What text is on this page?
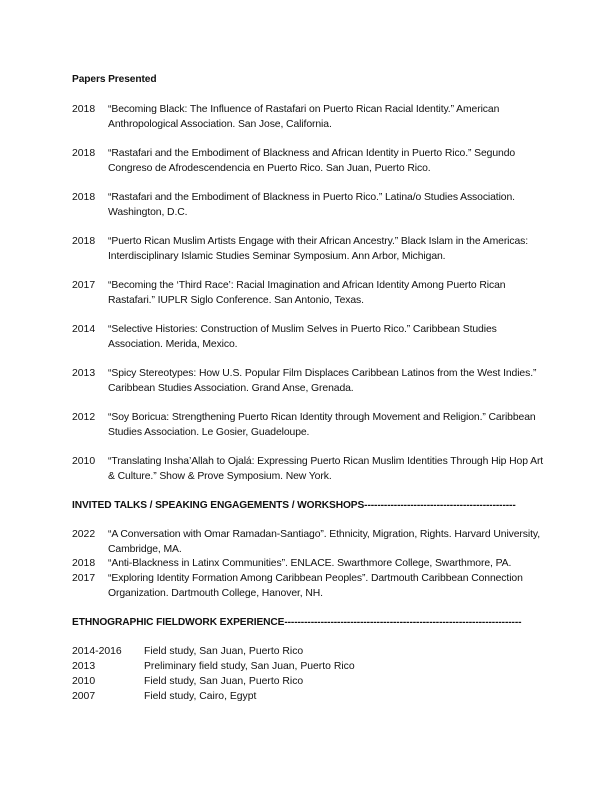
Papers Presented
2018 “Becoming Black: The Influence of Rastafari on Puerto Rican Racial Identity.” American Anthropological Association. San Jose, California.
2018 “Rastafari and the Embodiment of Blackness and African Identity in Puerto Rico.” Segundo Congreso de Afrodescendencia en Puerto Rico. San Juan, Puerto Rico.
2018 “Rastafari and the Embodiment of Blackness in Puerto Rico.” Latina/o Studies Association. Washington, D.C.
2018 “Puerto Rican Muslim Artists Engage with their African Ancestry.” Black Islam in the Americas: Interdisciplinary Islamic Studies Seminar Symposium. Ann Arbor, Michigan.
2017 “Becoming the ‘Third Race’: Racial Imagination and African Identity Among Puerto Rican Rastafari.” IUPLR Siglo Conference. San Antonio, Texas.
2014 “Selective Histories: Construction of Muslim Selves in Puerto Rico.” Caribbean Studies Association. Merida, Mexico.
2013 “Spicy Stereotypes: How U.S. Popular Film Displaces Caribbean Latinos from the West Indies.” Caribbean Studies Association. Grand Anse, Grenada.
2012 “Soy Boricua: Strengthening Puerto Rican Identity through Movement and Religion.” Caribbean Studies Association. Le Gosier, Guadeloupe.
2010 “Translating Insha’Allah to Ojalá: Expressing Puerto Rican Muslim Identities Through Hip Hop Art & Culture.” Show & Prove Symposium. New York.
INVITED TALKS / SPEAKING ENGAGEMENTS / WORKSHOPS----------------------------------------------
2022 “A Conversation with Omar Ramadan-Santiago”. Ethnicity, Migration, Rights. Harvard University, Cambridge, MA.
2018 “Anti-Blackness in Latinx Communities”. ENLACE. Swarthmore College, Swarthmore, PA.
2017 “Exploring Identity Formation Among Caribbean Peoples”. Dartmouth Caribbean Connection Organization. Dartmouth College, Hanover, NH.
ETHNOGRAPHIC FIELDWORK EXPERIENCE------------------------------------------------------------------------
2014-2016 Field study, San Juan, Puerto Rico
2013	Preliminary field study, San Juan, Puerto Rico
2010	Field study, San Juan, Puerto Rico
2007	Field study, Cairo, Egypt
